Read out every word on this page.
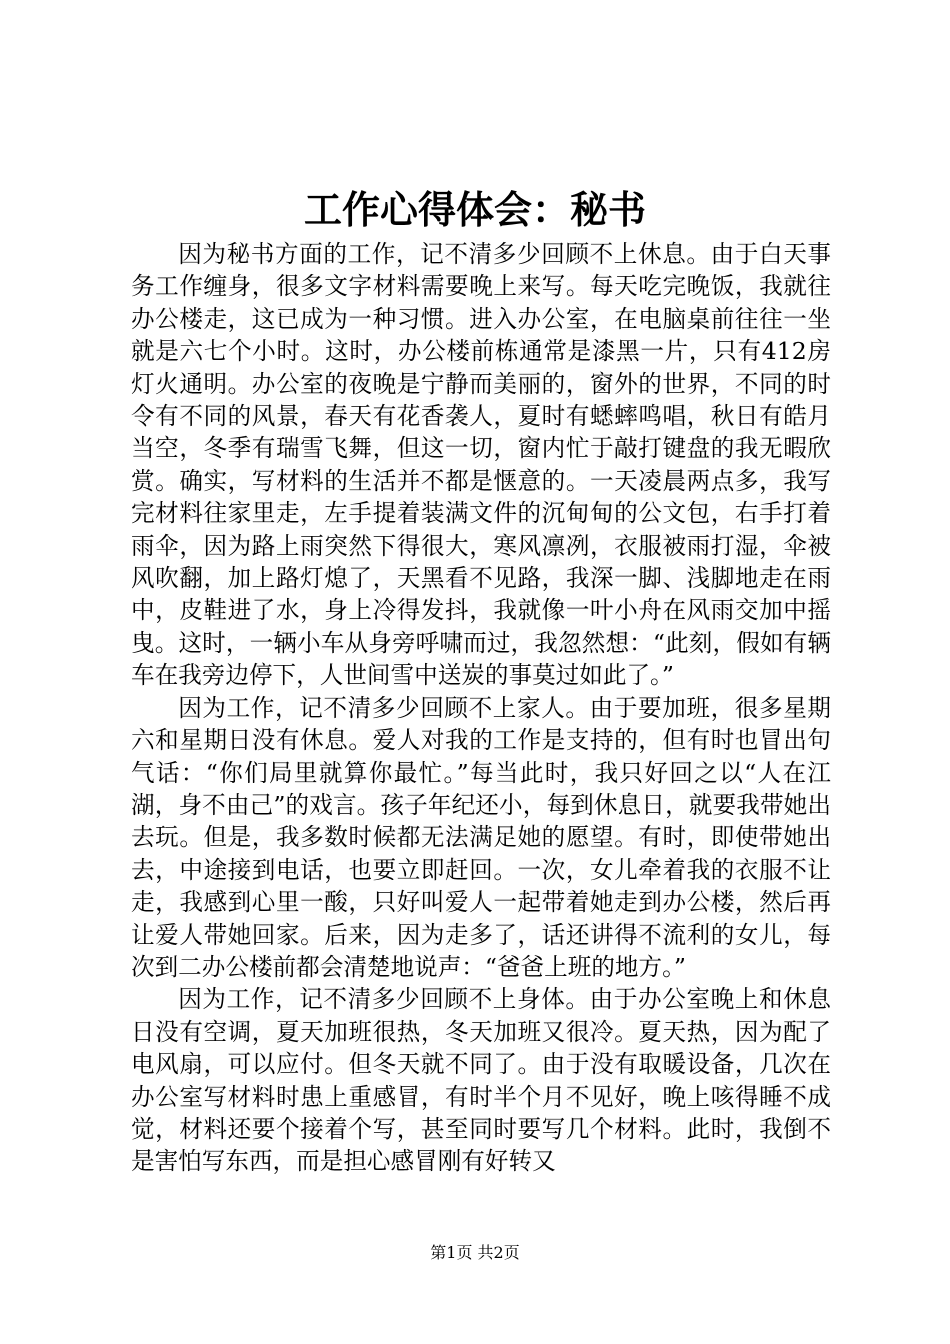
工作心得体会：秘书

因为秘书方面的工作，记不清多少回顾不上休息。由于白天事务工作缠身，很多文字材料需要晚上来写。每天吃完晚饭，我就往办公楼走，这已成为一种习惯。进入办公室，在电脑桌前往往一坐就是六七个小时。这时，办公楼前栋通常是漆黑一片，只有412房灯火通明。办公室的夜晚是宁静而美丽的，窗外的世界，不同的时令有不同的风景，春天有花香袭人，夏时有蟋蟀鸣唱，秋日有皓月当空，冬季有瑞雪飞舞，但这一切，窗内忙于敲打键盘的我无暇欣赏。确实，写材料的生活并不都是惬意的。一天凌晨两点多，我写完材料往家里走，左手提着装满文件的沉甸甸的公文包，右手打着雨伞，因为路上雨突然下得很大，寒风凛冽，衣服被雨打湿，伞被风吹翻，加上路灯熄了，天黑看不见路，我深一脚、浅脚地走在雨中，皮鞋进了水，身上冷得发抖，我就像一叶小舟在风雨交加中摇曳。这时，一辆小车从身旁呼啸而过，我忽然想：“此刻，假如有辆车在我旁边停下，人世间雪中送炭的事莫过如此了。”

因为工作，记不清多少回顾不上家人。由于要加班，很多星期六和星期日没有休息。爱人对我的工作是支持的，但有时也冒出句气话：“你们局里就算你最忙。”每当此时，我只好回之以“人在江湖，身不由己”的戏言。孩子年纪还小，每到休息日，就要我带她出去玩。但是，我多数时候都无法满足她的愿望。有时，即使带她出去，中途接到电话，也要立即赶回。一次，女儿牵着我的衣服不让走，我感到心里一酸，只好叫爱人一起带着她走到办公楼，然后再让爱人带她回家。后来，因为走多了，话还讲得不流利的女儿，每次到二办公楼前都会清楚地说声：“爸爸上班的地方。”

因为工作，记不清多少回顾不上身体。由于办公室晚上和休息日没有空调，夏天加班很热，冬天加班又很冷。夏天热，因为配了电风扇，可以应付。但冬天就不同了。由于没有取暖设备，几次在办公室写材料时患上重感冒，有时半个月不见好，晚上咳得睡不成觉，材料还要个接着个写，甚至同时要写几个材料。此时，我倒不是害怕写东西，而是担心感冒刚有好转又

第1页 共2页
